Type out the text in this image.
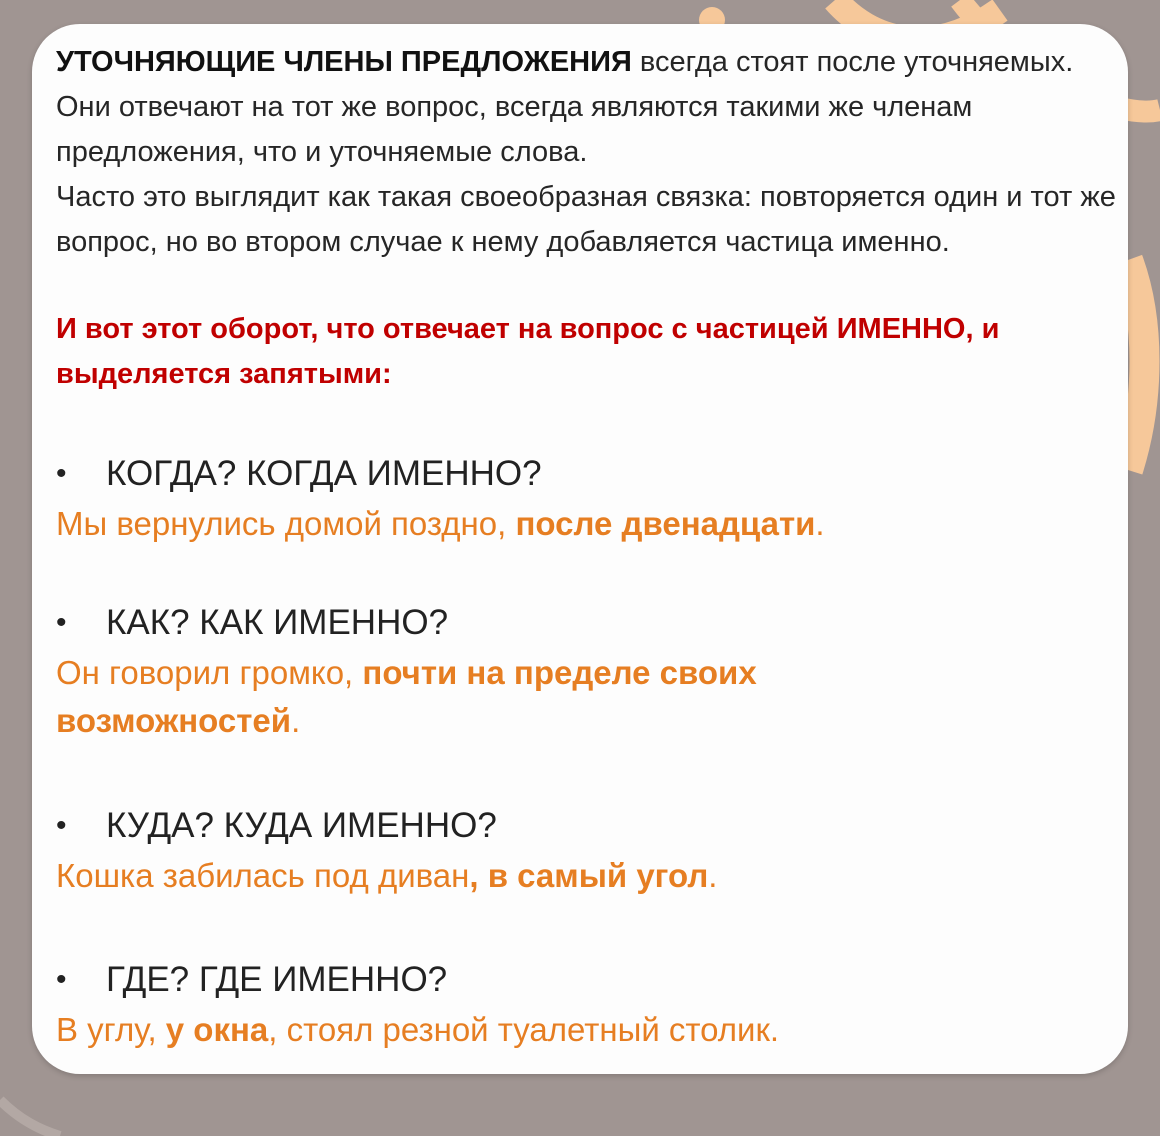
УТОЧНЯЮЩИЕ ЧЛЕНЫ ПРЕДЛОЖЕНИЯ всегда стоят после уточняемых. Они отвечают на тот же вопрос, всегда являются такими же членам предложения, что и уточняемые слова.

Часто это выглядит как такая своеобразная связка: повторяется один и тот же вопрос, но во втором случае к нему добавляется частица именно.

И вот этот оборот, что отвечает на вопрос с частицей ИМЕННО, и выделяется запятыми:
• КОГДА? КОГДА ИМЕННО?
Мы вернулись домой поздно, после двенадцати.
• КАК? КАК ИМЕННО?
Он говорил громко, почти на пределе своих возможностей.
• КУДА? КУДА ИМЕННО?
Кошка забилась под диван, в самый угол.
• ГДЕ? ГДЕ ИМЕННО?
В углу, у окна, стоял резной туалетный столик.
